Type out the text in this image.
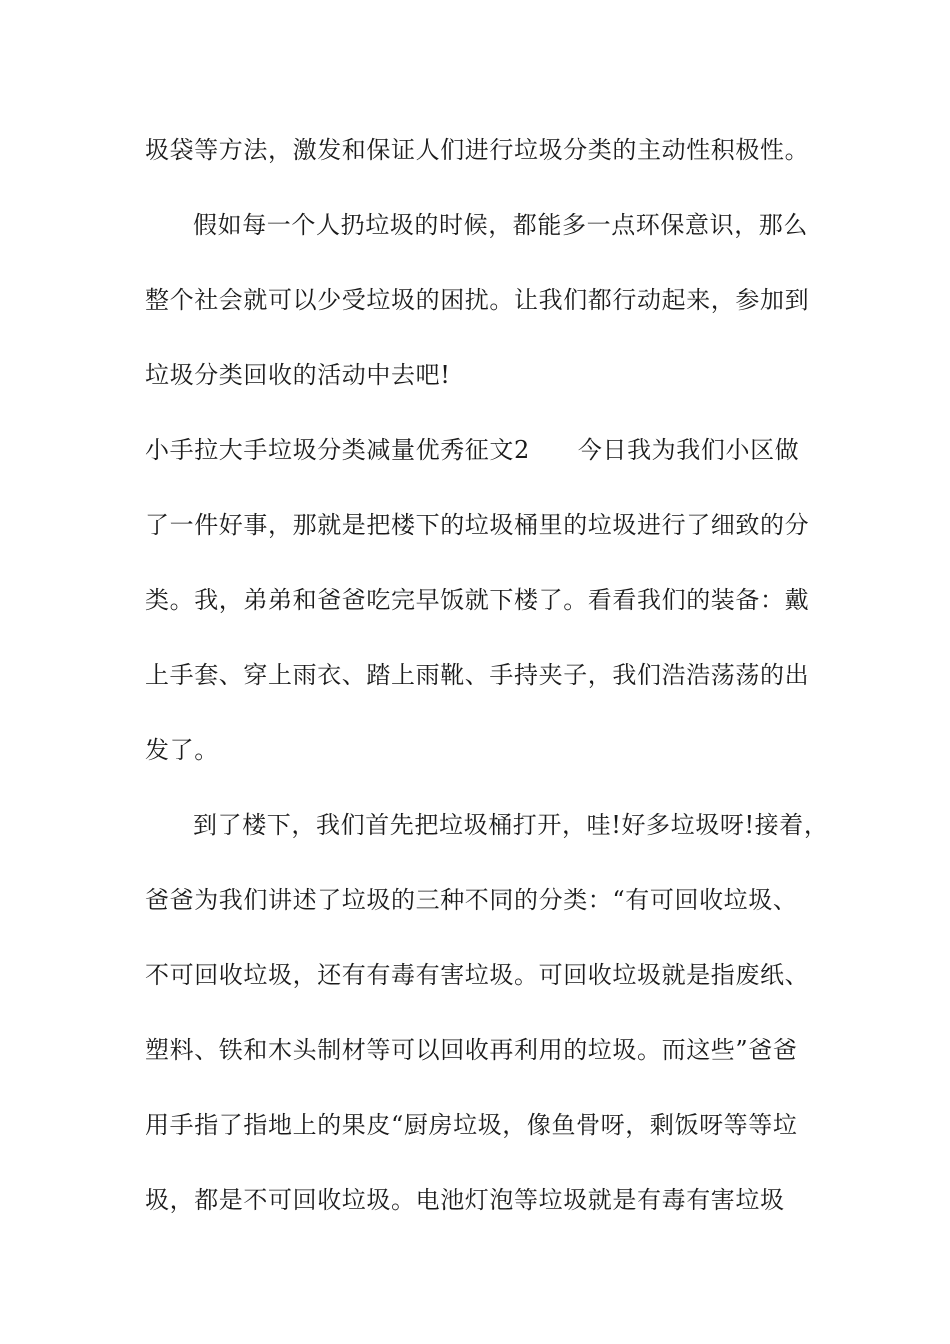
圾袋等方法，激发和保证人们进行垃圾分类的主动性积极性。
假如每一个人扔垃圾的时候，都能多一点环保意识，那么
整个社会就可以少受垃圾的困扰。让我们都行动起来，参加到
垃圾分类回收的活动中去吧!
小手拉大手垃圾分类减量优秀征文2 今日我为我们小区做
了一件好事，那就是把楼下的垃圾桶里的垃圾进行了细致的分
类。我，弟弟和爸爸吃完早饭就下楼了。看看我们的装备：戴
上手套、穿上雨衣、踏上雨靴、手持夹子，我们浩浩荡荡的出
发了。
到了楼下，我们首先把垃圾桶打开，哇!好多垃圾呀!接着，
爸爸为我们讲述了垃圾的三种不同的分类：“有可回收垃圾、
不可回收垃圾，还有有毒有害垃圾。可回收垃圾就是指废纸、
塑料、铁和木头制材等可以回收再利用的垃圾。而这些”爸爸
用手指了指地上的果皮“厨房垃圾，像鱼骨呀，剩饭呀等等垃
圾，都是不可回收垃圾。电池灯泡等垃圾就是有毒有害垃圾
